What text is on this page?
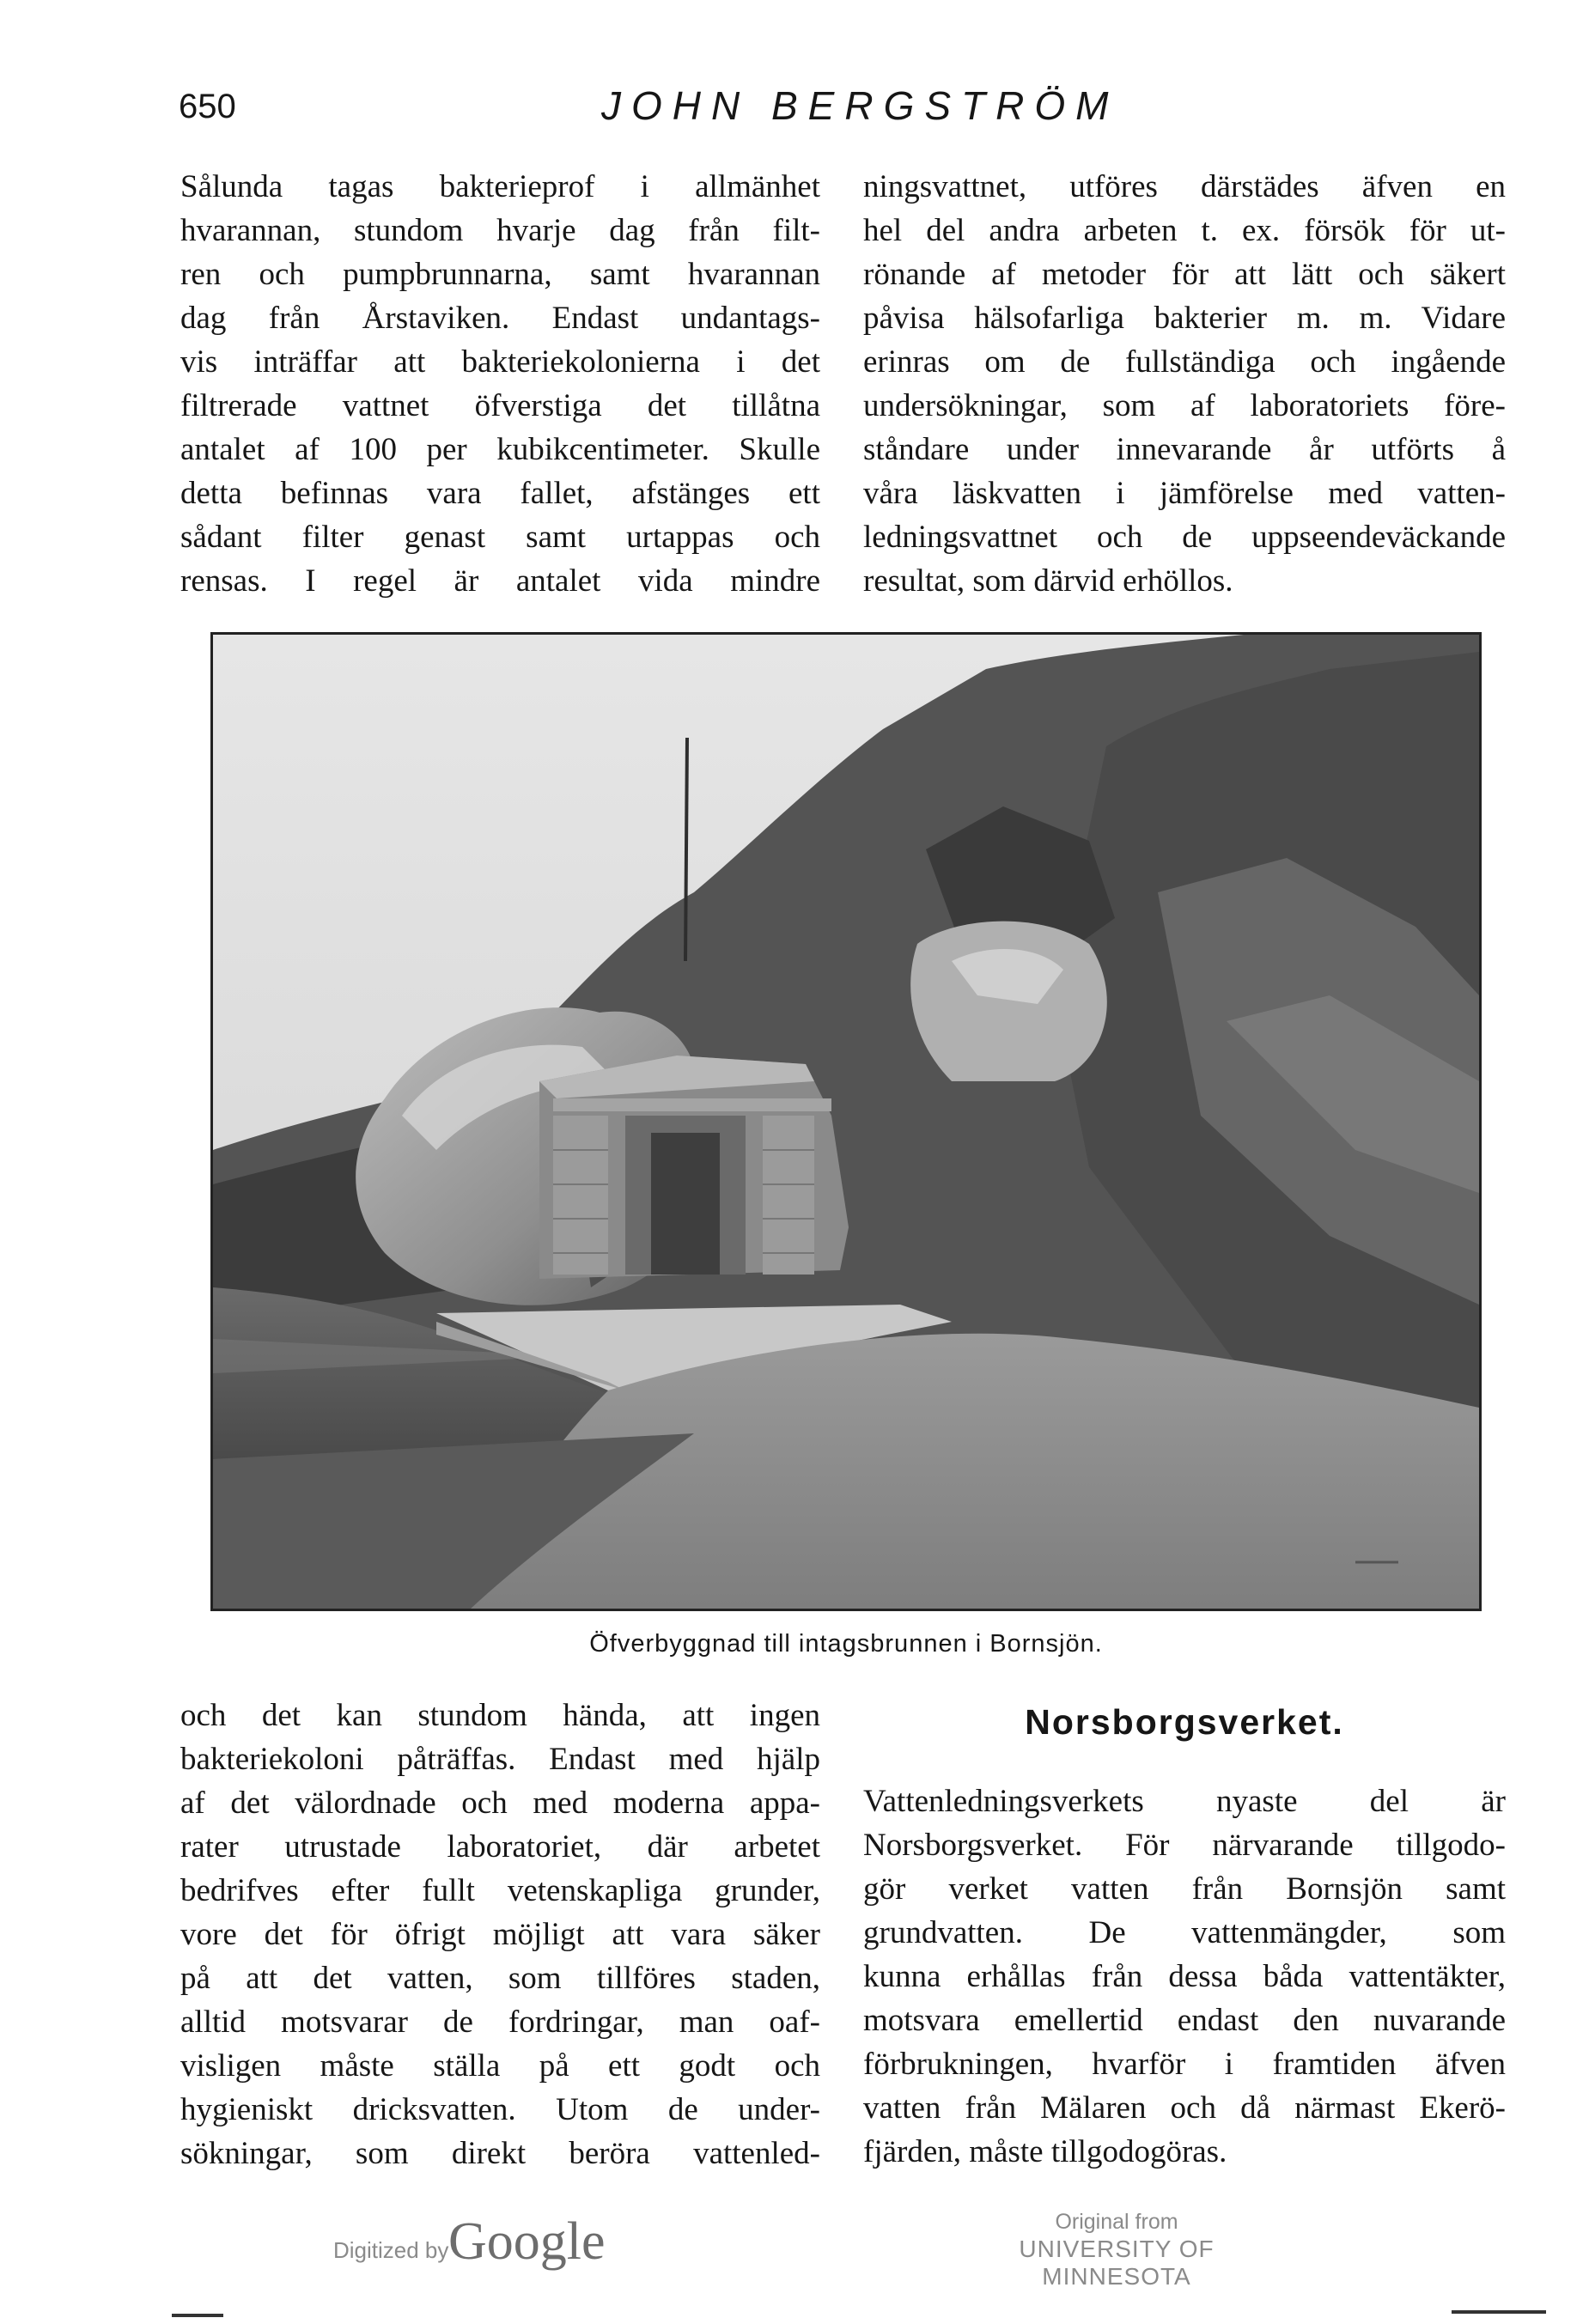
650	JOHN BERGSTRÖM
Sålunda tagas bakterieprof i allmänhet
hvarannan, stundom hvarje dag från filt-
ren och pumpbrunnarna, samt hvarannan
dag från Årstaviken. Endast undantags-
vis inträffar att bakteriekolonierna i det
filtrerade vattnet öfverstiga det tillåtna
antalet af 100 per kubikcentimeter. Skulle
detta befinnas vara fallet, afstänges ett
sådant filter genast samt urtappas och
rensas. I regel är antalet vida mindre
ningsvattnet, utföres därstädes äfven en
hel del andra arbeten t. ex. försök för ut-
rönande af metoder för att lätt och säkert
påvisa hälsofarliga bakterier m. m. Vidare
erinras om de fullständiga och ingående
undersökningar, som af laboratoriets före-
ståndare under innevarande år utförts å
våra läskvatten i jämförelse med vatten-
ledningsvattnet och de uppseendeväckande
resultat, som därvid erhöllos.
Öfverbyggnad till intagsbrunnen i Bornsjön.
och det kan stundom hända, att ingen
bakteriekoloni påträffas. Endast med hjälp
af det välordnade och med moderna appa-
rater utrustade laboratoriet, där arbetet
bedrifves efter fullt vetenskapliga grunder,
vore det för öfrigt möjligt att vara säker
på att det vatten, som tillföres staden,
alltid motsvarar de fordringar, man oaf-
visligen måste ställa på ett godt och
hygieniskt dricksvatten. Utom de under-
sökningar, som direkt beröra vattenled-
Norsborgsverket.
Vattenledningsverkets nyaste del är
Norsborgsverket. För närvarande tillgodo-
gör verket vatten från Bornsjön samt
grundvatten. De vattenmängder, som
kunna erhållas från dessa båda vattentäkter,
motsvara emellertid endast den nuvarande
förbrukningen, hvarför i framtiden äfven
vatten från Mälaren och då närmast Ekerö-
fjärden, måste tillgodogöras.
Digitized by Google	Original from
UNIVERSITY OF MINNESOTA
